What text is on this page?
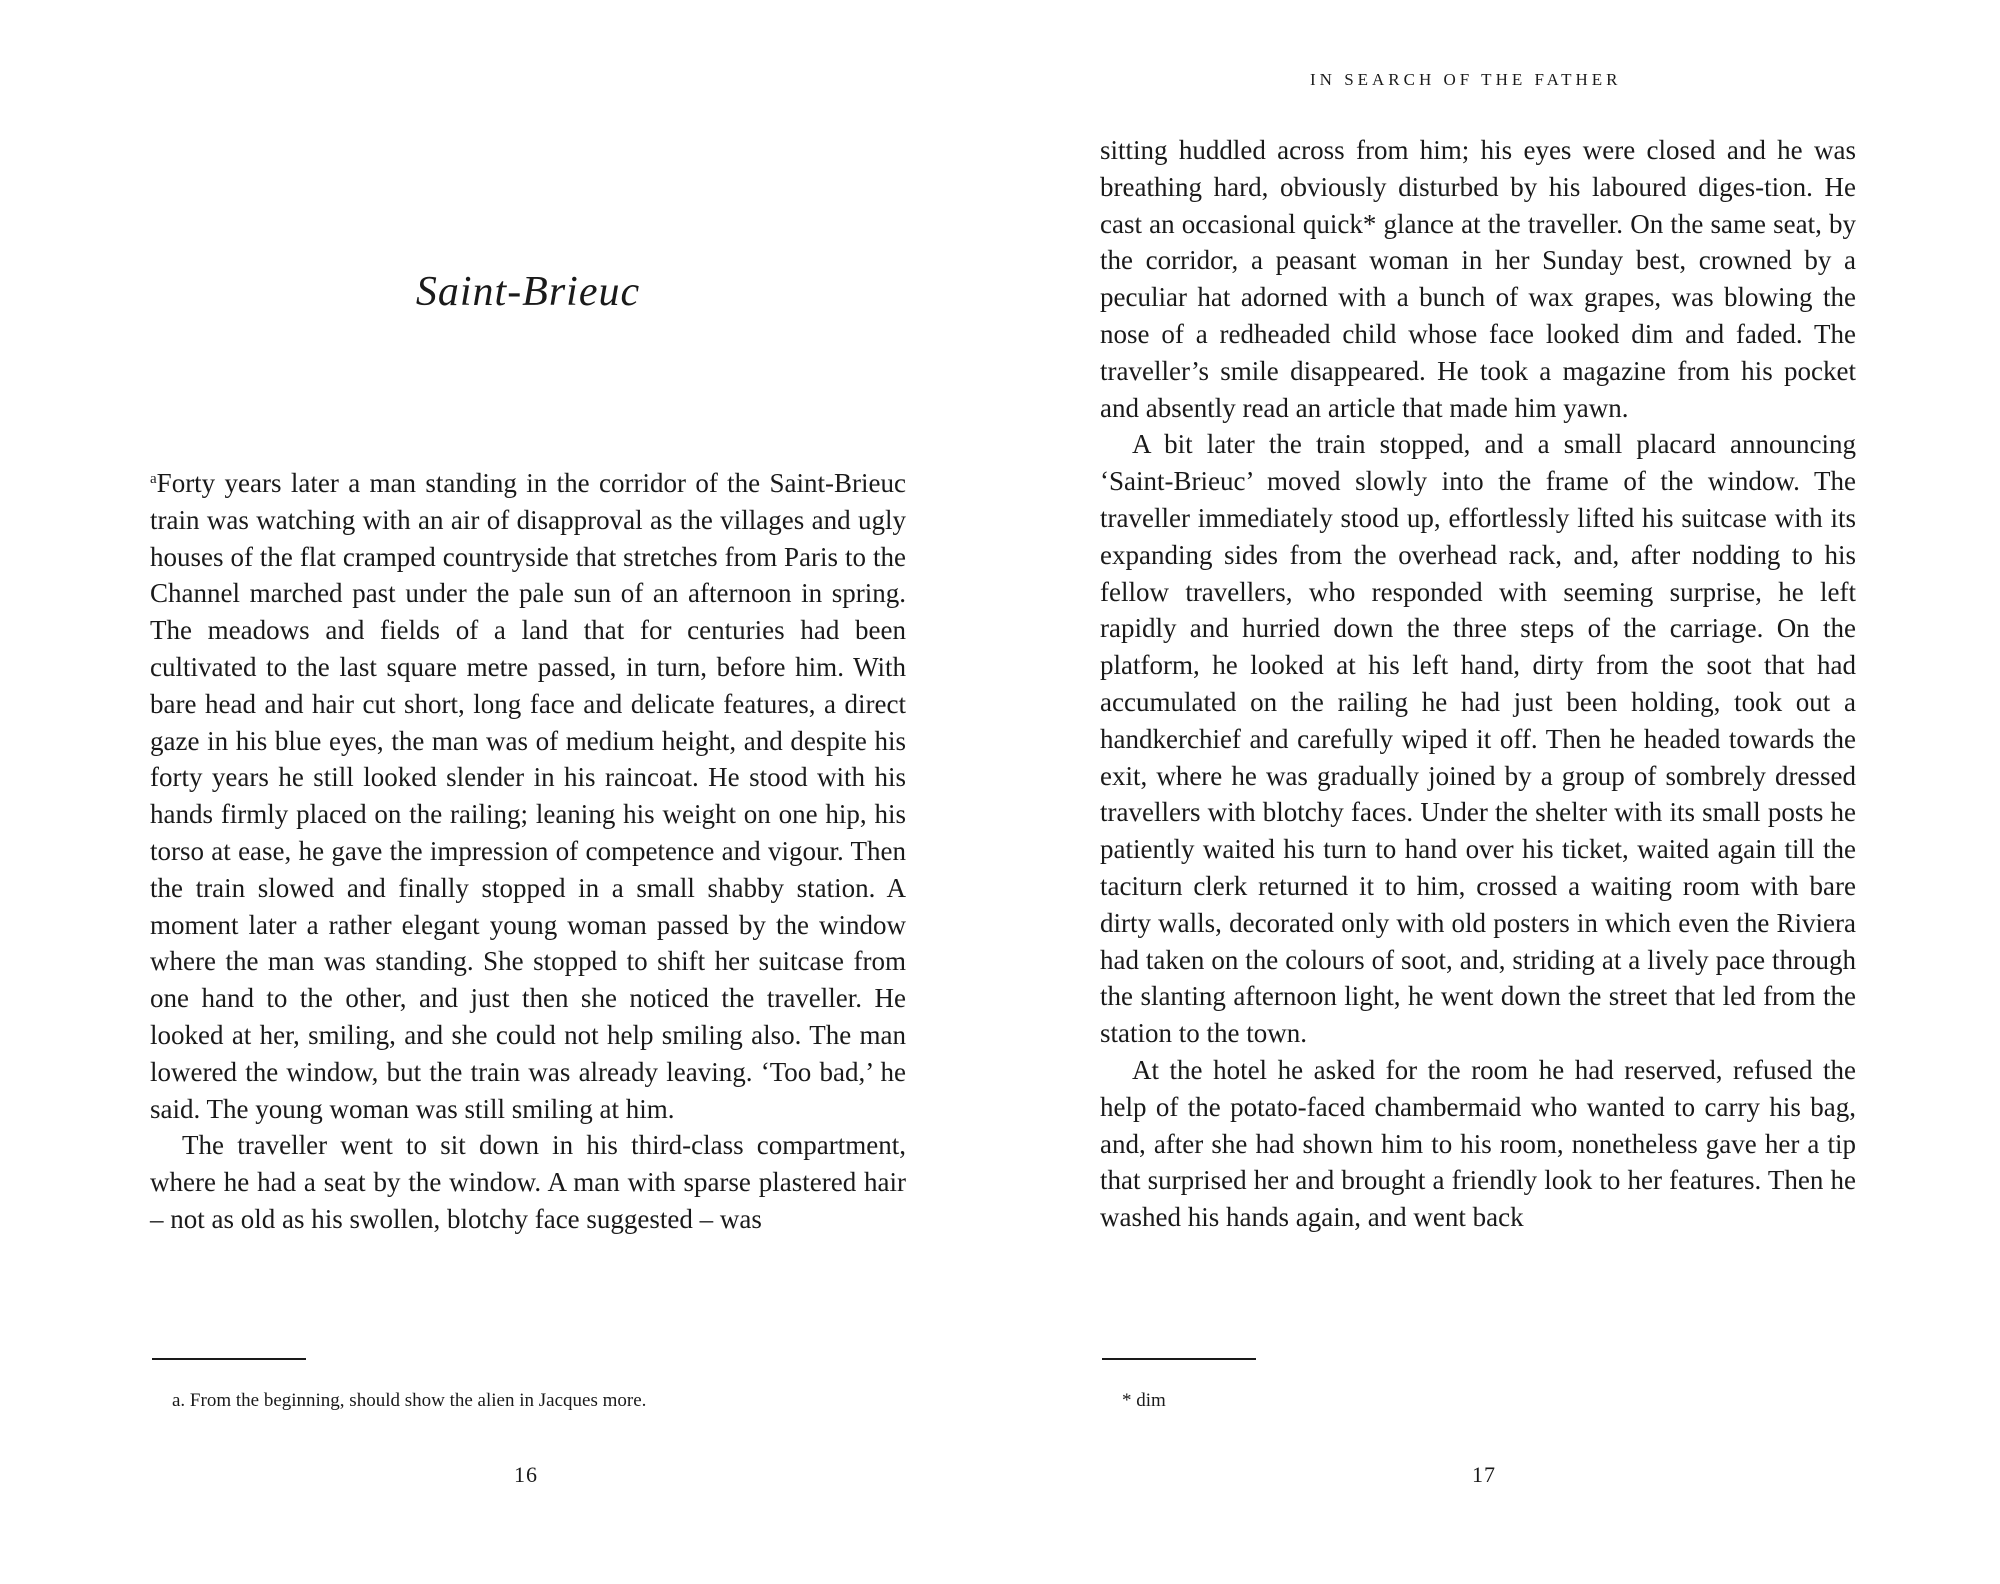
Saint-Brieuc

$^a$Forty years later a man standing in the corridor of the Saint-Brieuc train was watching with an air of disapproval as the villages and ugly houses of the flat cramped countryside that stretches from Paris to the Channel marched past under the pale sun of an afternoon in spring. The meadows and fields of a land that for centuries had been cultivated to the last square metre passed, in turn, before him. With bare head and hair cut short, long face and delicate features, a direct gaze in his blue eyes, the man was of medium height, and despite his forty years he still looked slender in his raincoat. He stood with his hands firmly placed on the railing; leaning his weight on one hip, his torso at ease, he gave the impression of competence and vigour. Then the train slowed and finally stopped in a small shabby station. A moment later a rather elegant young woman passed by the window where the man was standing. She stopped to shift her suitcase from one hand to the other, and just then she noticed the traveller. He looked at her, smiling, and she could not help smiling also. The man lowered the window, but the train was already leaving. ‘Too bad,’ he said. The young woman was still smiling at him.

The traveller went to sit down in his third-class compartment, where he had a seat by the window. A man with sparse plastered hair – not as old as his swollen, blotchy face suggested – was

a. From the beginning, should show the alien in Jacques more.
16
IN SEARCH OF THE FATHER

sitting huddled across from him; his eyes were closed and he was breathing hard, obviously disturbed by his laboured diges-tion. He cast an occasional quick* glance at the traveller. On the same seat, by the corridor, a peasant woman in her Sunday best, crowned by a peculiar hat adorned with a bunch of wax grapes, was blowing the nose of a redheaded child whose face looked dim and faded. The traveller’s smile disappeared. He took a magazine from his pocket and absently read an article that made him yawn.

A bit later the train stopped, and a small placard announcing ‘Saint-Brieuc’ moved slowly into the frame of the window. The traveller immediately stood up, effortlessly lifted his suitcase with its expanding sides from the overhead rack, and, after nodding to his fellow travellers, who responded with seeming surprise, he left rapidly and hurried down the three steps of the carriage. On the platform, he looked at his left hand, dirty from the soot that had accumulated on the railing he had just been holding, took out a handkerchief and carefully wiped it off. Then he headed towards the exit, where he was gradually joined by a group of sombrely dressed travellers with blotchy faces. Under the shelter with its small posts he patiently waited his turn to hand over his ticket, waited again till the taciturn clerk returned it to him, crossed a waiting room with bare dirty walls, decorated only with old posters in which even the Riviera had taken on the colours of soot, and, striding at a lively pace through the slanting afternoon light, he went down the street that led from the station to the town.

At the hotel he asked for the room he had reserved, refused the help of the potato-faced chambermaid who wanted to carry his bag, and, after she had shown him to his room, nonetheless gave her a tip that surprised her and brought a friendly look to her features. Then he washed his hands again, and went back

* dim
17
